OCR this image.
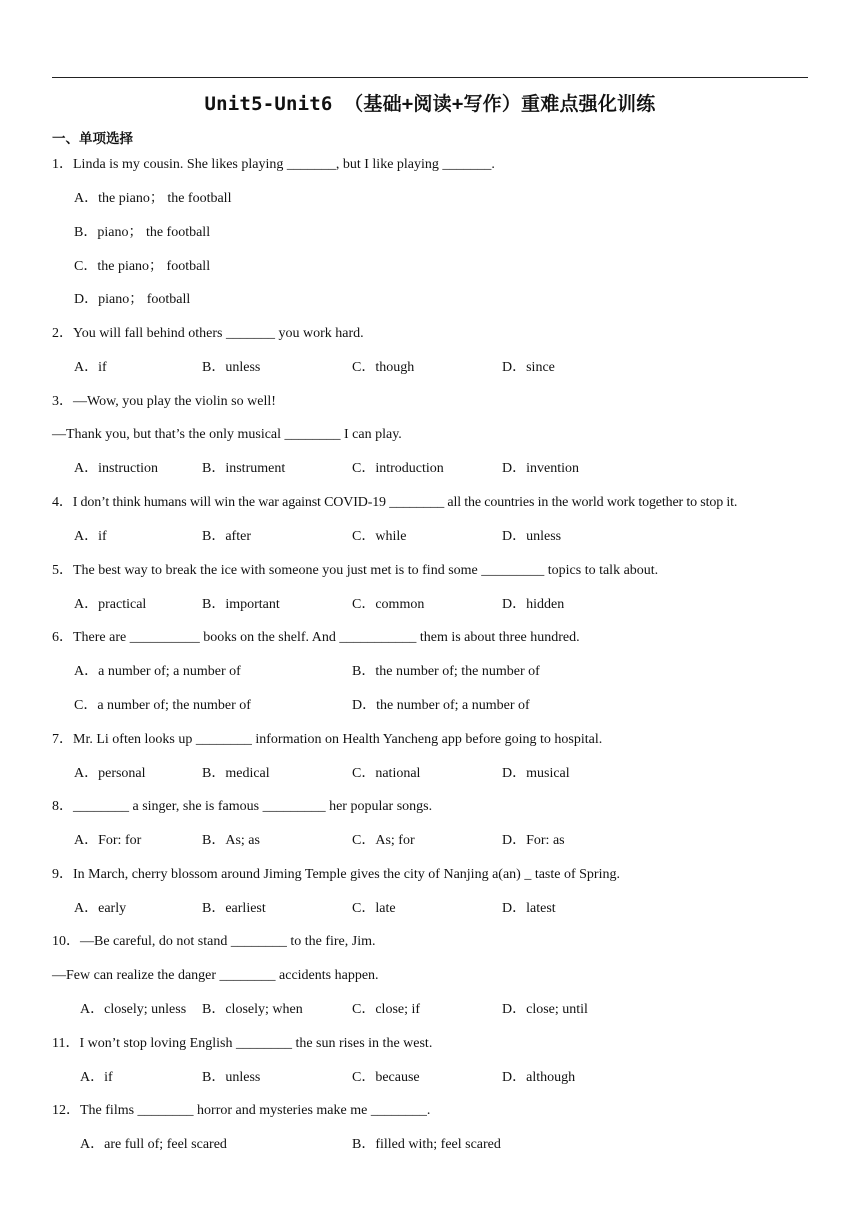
Unit5-Unit6 （基础+阅读+写作）重难点强化训练
一、单项选择
1．Linda is my cousin. She likes playing _______, but I like playing _______.
A．the piano； the football
B．piano； the football
C．the piano； football
D．piano； football
2．You will fall behind others _______ you work hard.
A．if	B．unless	C．though	D．since
3．—Wow, you play the violin so well!
—Thank you, but that’s the only musical ________ I can play.
A．instruction	B．instrument	C．introduction	D．invention
4．I don’t think humans will win the war against COVID-19 ________ all the countries in the world work together to stop it.
A．if	B．after	C．while	D．unless
5．The best way to break the ice with someone you just met is to find some _________ topics to talk about.
A．practical	B．important	C．common	D．hidden
6．There are __________ books on the shelf. And ___________ them is about three hundred.
A．a number of; a number of	B．the number of; the number of
C．a number of; the number of	D．the number of; a number of
7．Mr. Li often looks up ________ information on Health Yancheng app before going to hospital.
A．personal	B．medical	C．national	D．musical
8．________ a singer, she is famous _________ her popular songs.
A．For: for	B．As; as	C．As; for	D．For: as
9．In March, cherry blossom around Jiming Temple gives the city of Nanjing a(an) _ taste of Spring.
A．early	B．earliest	C．late	D．latest
10．—Be careful, do not stand ________ to the fire, Jim.
—Few can realize the danger ________ accidents happen.
A．closely; unless B．closely; when	C．close; if	D．close; until
11．I won’t stop loving English ________ the sun rises in the west.
A．if	B．unless	C．because	D．although
12．The films ________ horror and mysteries make me ________.
A．are full of; feel scared	B．filled with; feel scared
